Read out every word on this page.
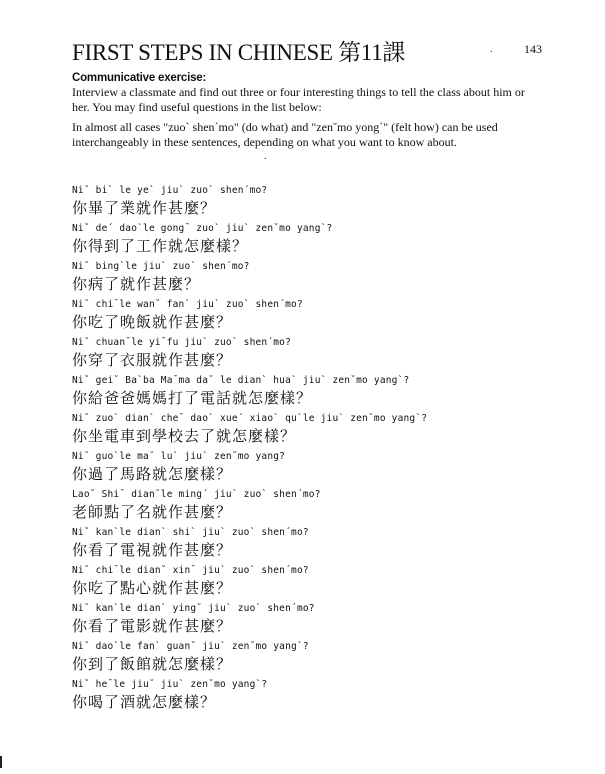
FIRST STEPS IN CHINESE 第11課	.	143
Communicative exercise:
Interview a classmate and find out three or four interesting things to tell the class about him or her. You may find useful questions in the list below:
In almost all cases "zuo` shen´mo" (do what) and "zen˘mo yong`" (felt how) can be used interchangeably in these sentences, depending on what you want to know about.
.
Ni˘ bi` le ye` jiu` zuo` shen´mo?
你畢了業就作甚麼？
Ni˘ de´ dao`le gong¯ zuo` jiu` zen˘mo yang`?
你得到了工作就怎麼樣？
Ni˘ bing`le jiu` zuo` shen´mo?
你病了就作甚麼？
Ni˘ chi¯le wan˘ fan` jiu` zuo` shen´mo?
你吃了晚飯就作甚麼？
Ni˘ chuan¯le yi¯fu jiu` zuo` shen´mo?
你穿了衣服就作甚麼？
Ni˘ gei˘ Ba`ba Ma¯ma da˘ le dian` hua` jiu` zen˘mo yang`?
你給爸爸媽媽打了電話就怎麼樣？
Ni˘ zuo` dian` che¯ dao` xue´ xiao` qu`le jiu` zen˘mo yang`?
你坐電車到學校去了就怎麼樣？
Ni˘ guo`le ma˘ lu` jiu` zen˘mo yang?
你過了馬路就怎麼樣？
Lao˘ Shi¯ dian˘le ming´ jiu` zuo` shen´mo?
老師點了名就作甚麼？
Ni˘ kan`le dian` shi` jiu` zuo` shen´mo?
你看了電視就作甚麼？
Ni˘ chi¯le dian˘ xin¯ jiu` zuo` shen´mo?
你吃了點心就作甚麼？
Ni˘ kan`le dian` ying˘ jiu` zuo` shen´mo?
你看了電影就作甚麼？
Ni˘ dao`le fan` guan˘ jiu` zen˘mo yang`?
你到了飯館就怎麼樣？
Ni˘ he¯le jiu˘ jiu` zen˘mo yang`?
你喝了酒就怎麼樣？
